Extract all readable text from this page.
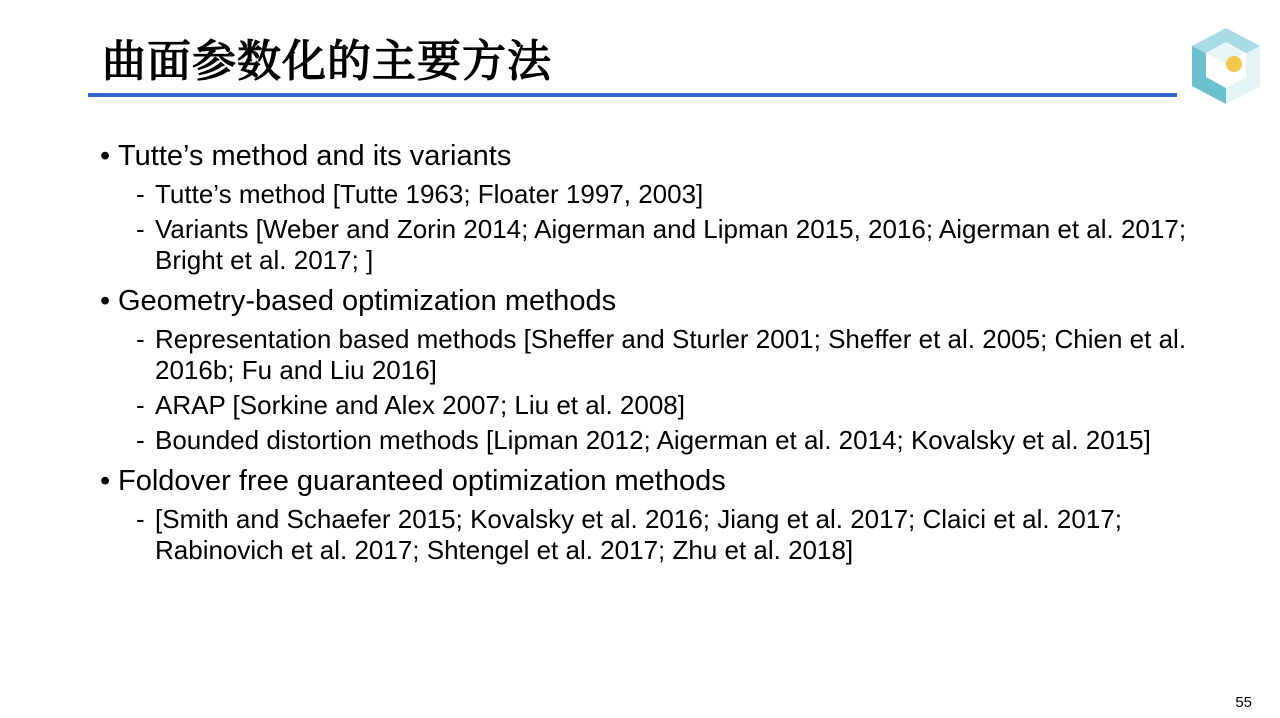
曲面参数化的主要方法
• Tutte’s method and its variants
- Tutte’s method [Tutte 1963; Floater 1997, 2003]
- Variants [Weber and Zorin 2014; Aigerman and Lipman 2015, 2016; Aigerman et al. 2017; Bright et al. 2017; ]
• Geometry-based optimization methods
- Representation based methods [Sheffer and Sturler 2001; Sheffer et al. 2005; Chien et al. 2016b; Fu and Liu 2016]
- ARAP [Sorkine and Alex 2007; Liu et al. 2008]
- Bounded distortion methods [Lipman 2012; Aigerman et al. 2014; Kovalsky et al. 2015]
• Foldover free guaranteed optimization methods
- [Smith and Schaefer 2015; Kovalsky et al. 2016; Jiang et al. 2017; Claici et al. 2017; Rabinovich et al. 2017; Shtengel et al. 2017; Zhu et al. 2018]
55
